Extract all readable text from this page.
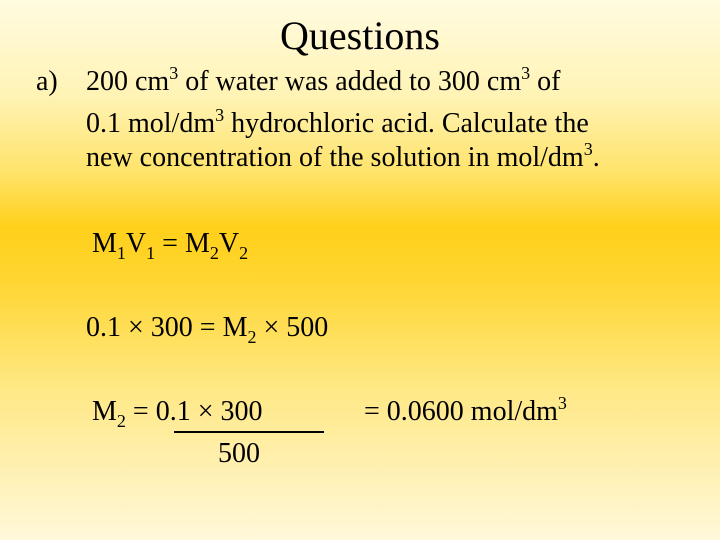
Questions
a) 200 $cm^3$ of water was added to 300 $cm^3$ of
0.1 mol/$dm^3$ hydrochloric acid. Calculate the
new concentration of the solution in mol/$dm^3$.
$M_1V_1 = M_2V_2$
$0.1 \times 300 = M_2 \times 500$
$M_2 = 0.1 \times 300$
500
= 0.0600 mol/$dm^3$
